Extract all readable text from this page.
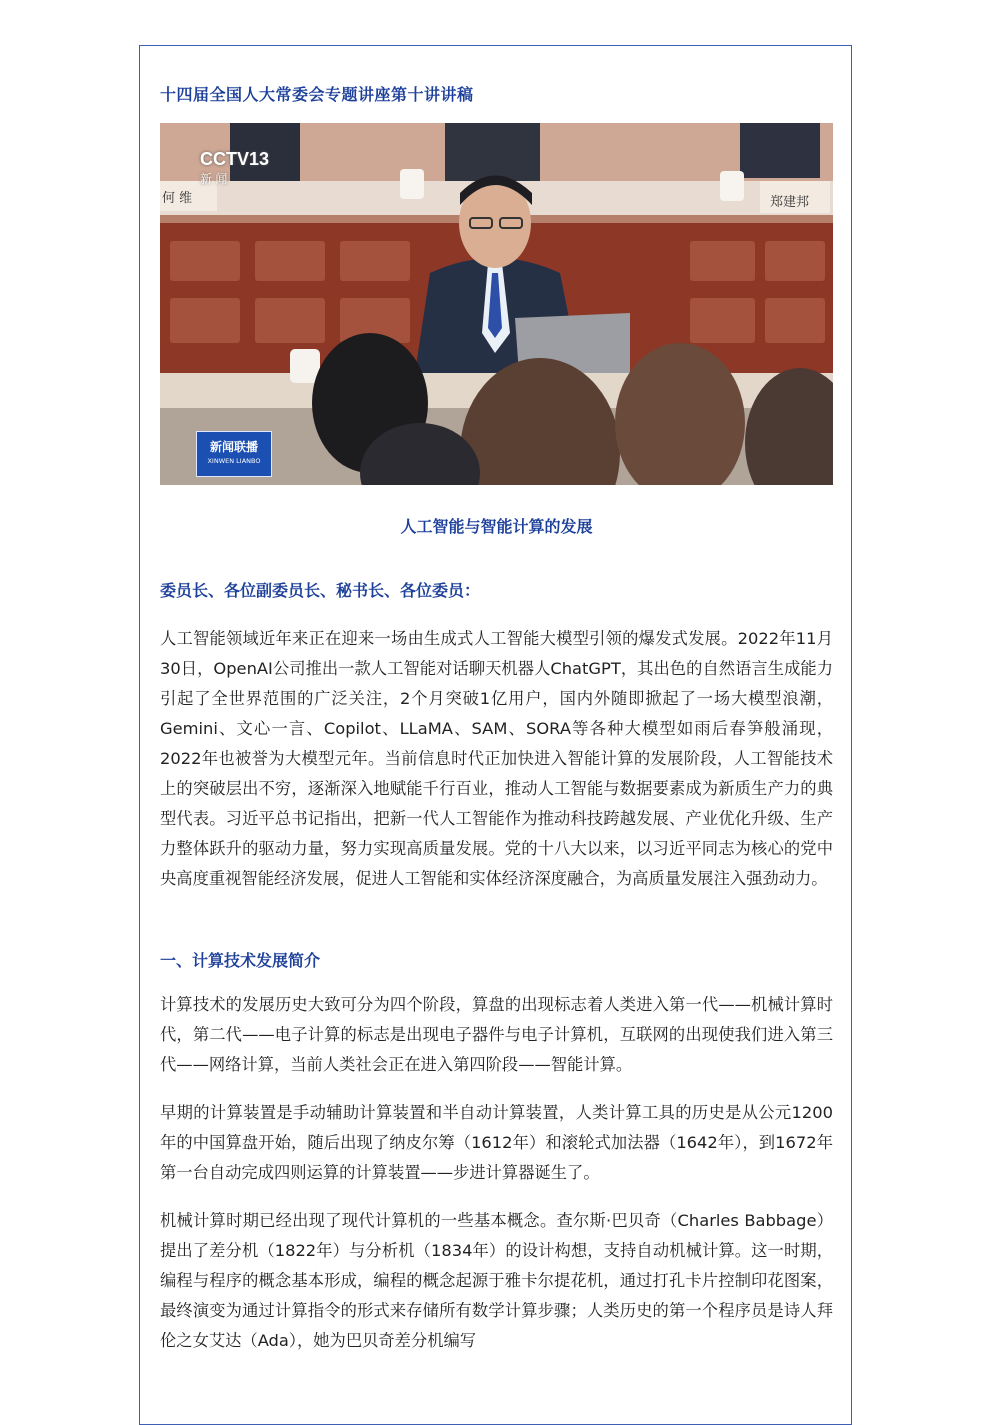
十四届全国人大常委会专题讲座第十讲讲稿
CCTV13
新 闻
何 维	郑建邦
新闻联播
XINWEN LIANBO
人工智能与智能计算的发展
委员长、各位副委员长、秘书长、各位委员：

人工智能领域近年来正在迎来一场由生成式人工智能大模型引领的爆发式发展。2022年11月30日，OpenAI公司推出一款人工智能对话聊天机器人ChatGPT，其出色的自然语言生成能力引起了全世界范围的广泛关注，2个月突破1亿用户，国内外随即掀起了一场大模型浪潮，Gemini、文心一言、Copilot、LLaMA、SAM、SORA等各种大模型如雨后春笋般涌现，2022年也被誉为大模型元年。当前信息时代正加快进入智能计算的发展阶段，人工智能技术上的突破层出不穷，逐渐深入地赋能千行百业，推动人工智能与数据要素成为新质生产力的典型代表。习近平总书记指出，把新一代人工智能作为推动科技跨越发展、产业优化升级、生产力整体跃升的驱动力量，努力实现高质量发展。党的十八大以来，以习近平同志为核心的党中央高度重视智能经济发展，促进人工智能和实体经济深度融合，为高质量发展注入强劲动力。

一、计算技术发展简介

计算技术的发展历史大致可分为四个阶段，算盘的出现标志着人类进入第一代——机械计算时代，第二代——电子计算的标志是出现电子器件与电子计算机，互联网的出现使我们进入第三代——网络计算，当前人类社会正在进入第四阶段——智能计算。

早期的计算装置是手动辅助计算装置和半自动计算装置，人类计算工具的历史是从公元1200年的中国算盘开始，随后出现了纳皮尔筹（1612年）和滚轮式加法器（1642年），到1672年第一台自动完成四则运算的计算装置——步进计算器诞生了。

机械计算时期已经出现了现代计算机的一些基本概念。查尔斯·巴贝奇（Charles Babbage）提出了差分机（1822年）与分析机（1834年）的设计构想，支持自动机械计算。这一时期，编程与程序的概念基本形成，编程的概念起源于雅卡尔提花机，通过打孔卡片控制印花图案，最终演变为通过计算指令的形式来存储所有数学计算步骤；人类历史的第一个程序员是诗人拜伦之女艾达（Ada），她为巴贝奇差分机编写
